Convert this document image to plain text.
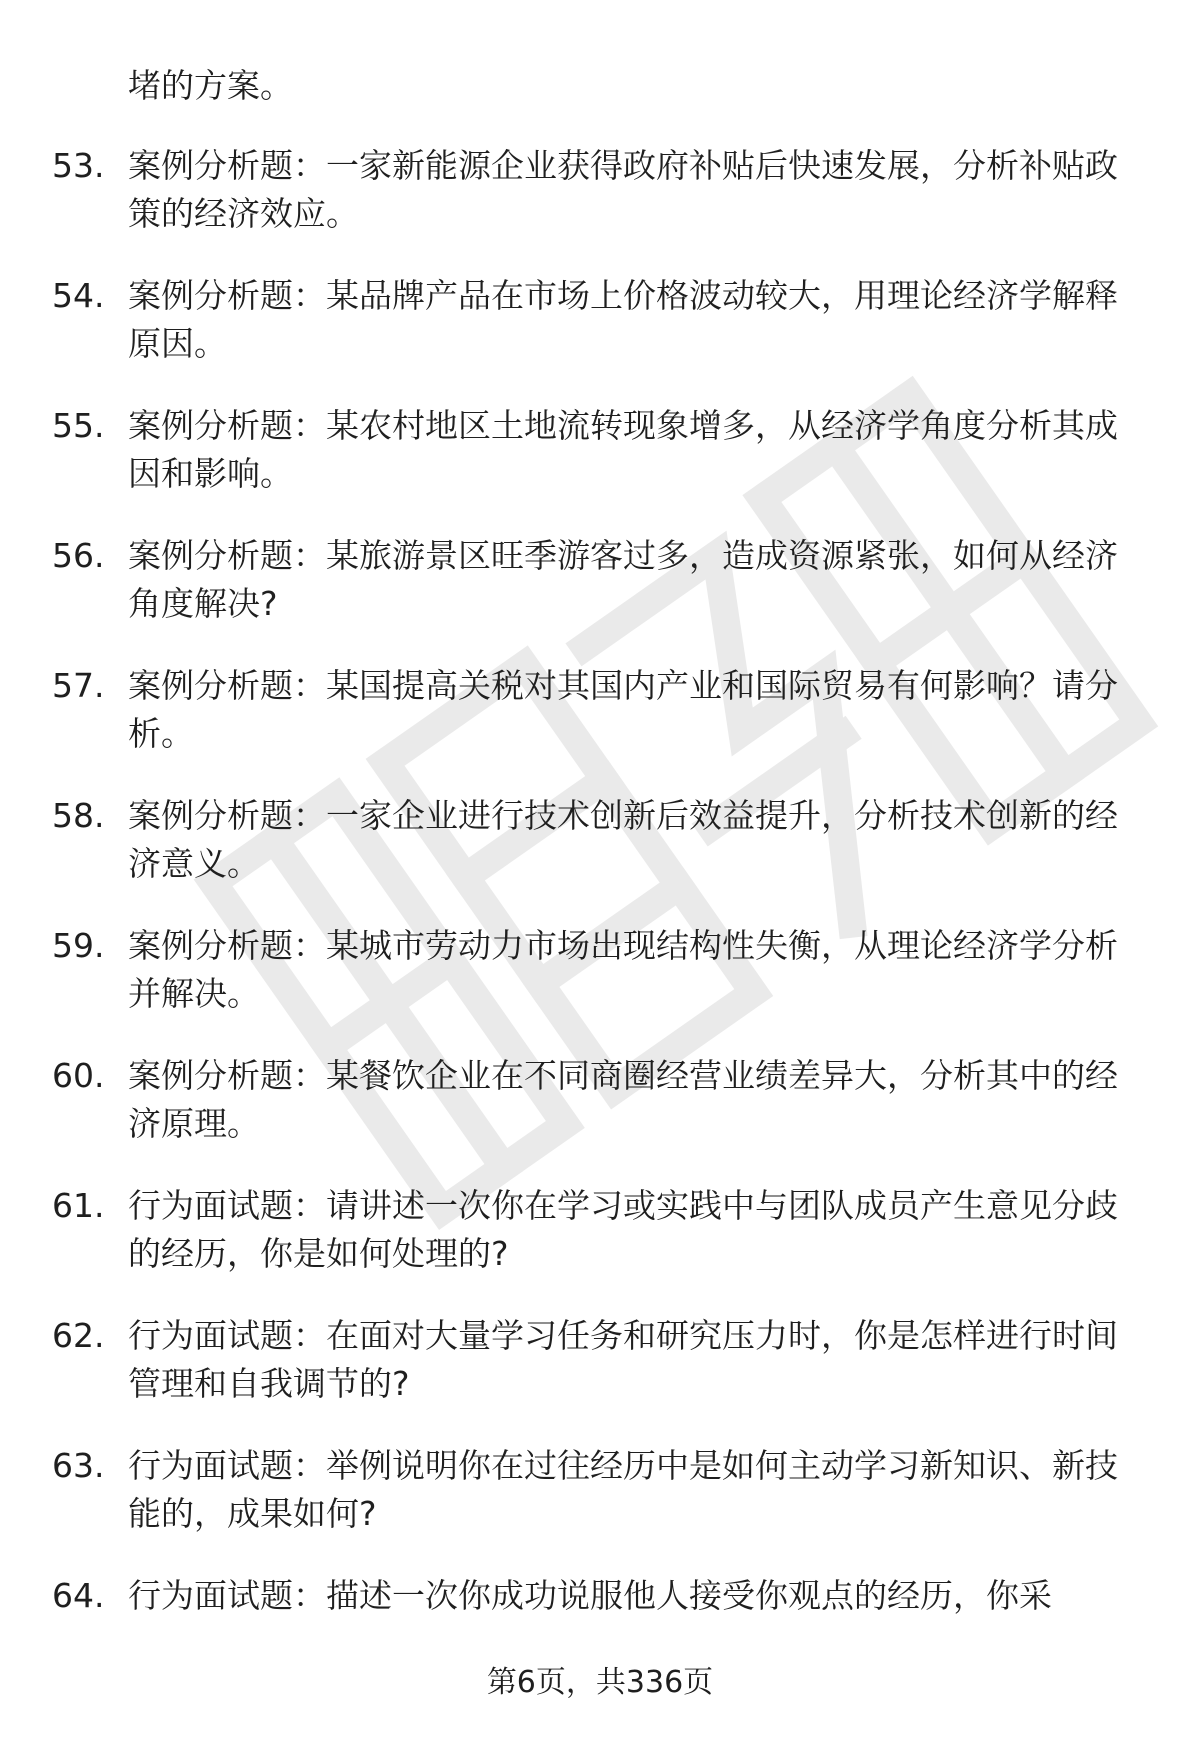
堵的方案。
53. 案例分析题：一家新能源企业获得政府补贴后快速发展，分析补贴政策的经济效应。
54. 案例分析题：某品牌产品在市场上价格波动较大，用理论经济学解释原因。
55. 案例分析题：某农村地区土地流转现象增多，从经济学角度分析其成因和影响。
56. 案例分析题：某旅游景区旺季游客过多，造成资源紧张，如何从经济角度解决?
57. 案例分析题：某国提高关税对其国内产业和国际贸易有何影响？请分析。
58. 案例分析题：一家企业进行技术创新后效益提升，分析技术创新的经济意义。
59. 案例分析题：某城市劳动力市场出现结构性失衡，从理论经济学分析并解决。
60. 案例分析题：某餐饮企业在不同商圈经营业绩差异大，分析其中的经济原理。
61. 行为面试题：请讲述一次你在学习或实践中与团队成员产生意见分歧的经历，你是如何处理的?
62. 行为面试题：在面对大量学习任务和研究压力时，你是怎样进行时间管理和自我调节的?
63. 行为面试题：举例说明你在过往经历中是如何主动学习新知识、新技能的，成果如何?
64. 行为面试题：描述一次你成功说服他人接受你观点的经历，你采
第6页，共336页
